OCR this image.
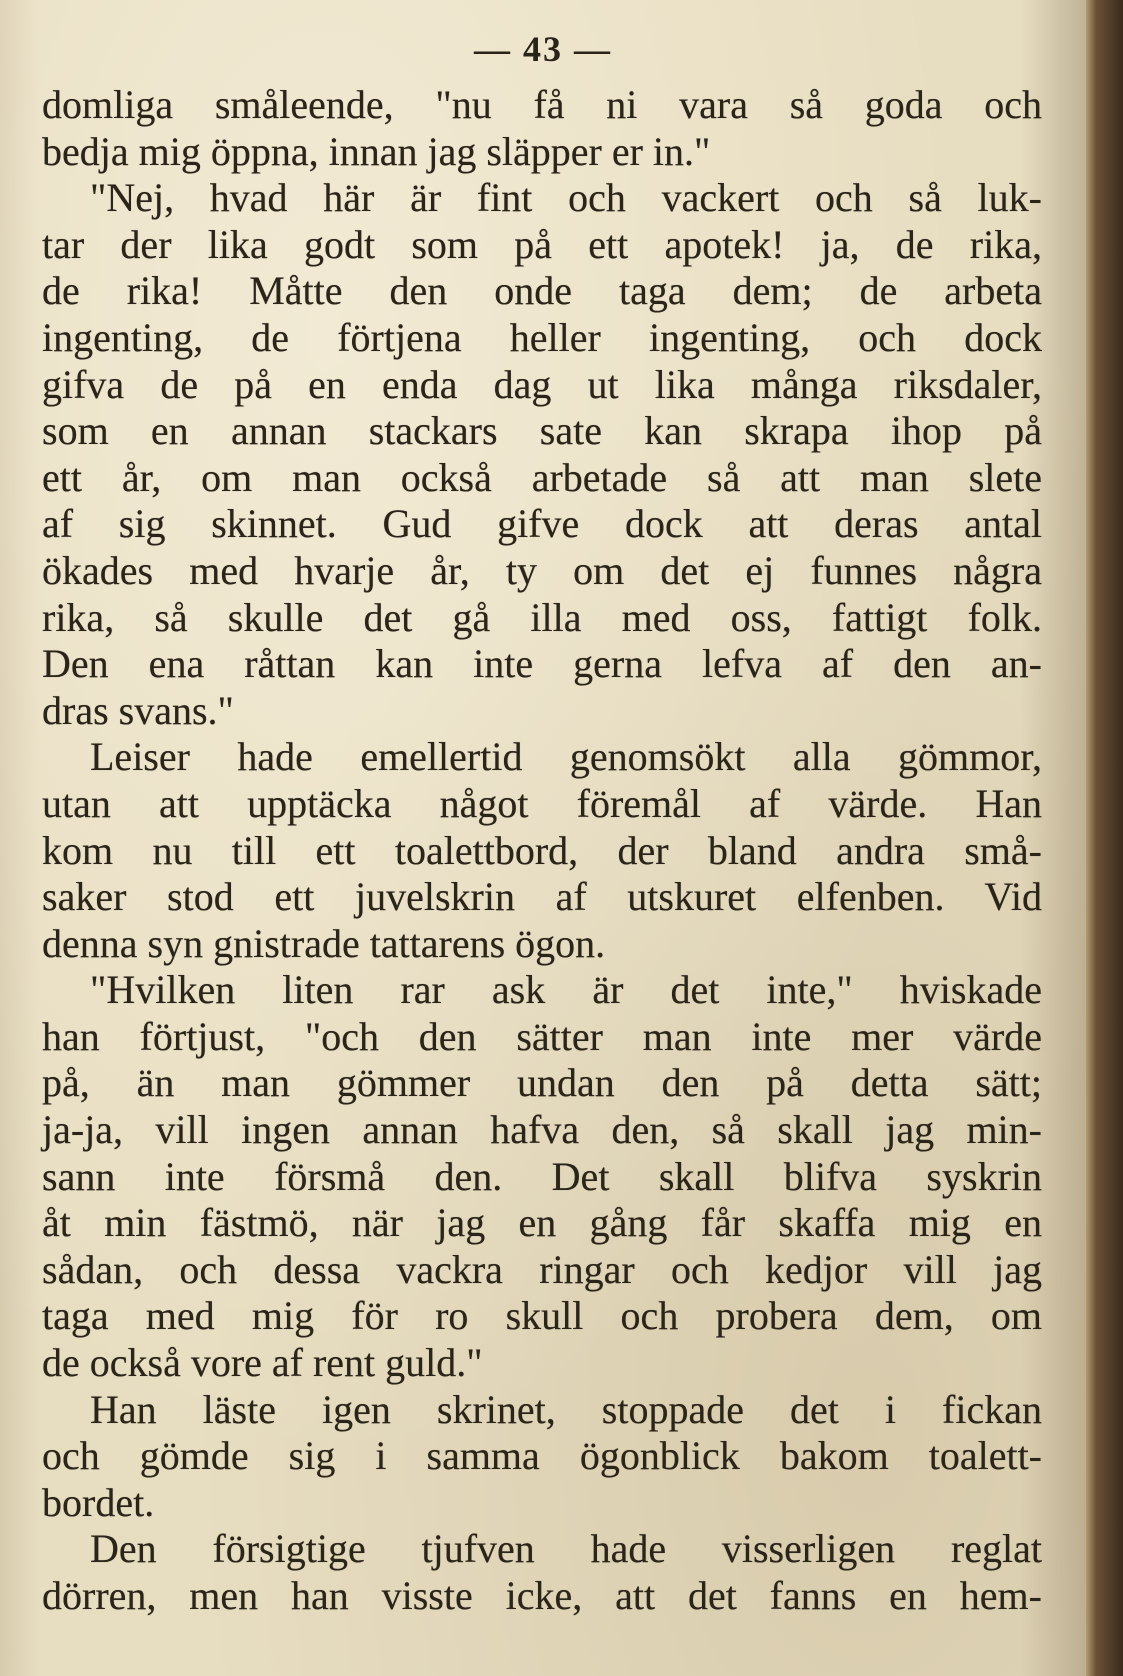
— 43 —
domliga småleende, "nu få ni vara så goda och
bedja mig öppna, innan jag släpper er in."
"Nej, hvad här är fint och vackert och så luk-
tar der lika godt som på ett apotek! ja, de rika,
de rika! Måtte den onde taga dem; de arbeta
ingenting, de förtjena heller ingenting, och dock
gifva de på en enda dag ut lika många riksdaler,
som en annan stackars sate kan skrapa ihop på
ett år, om man också arbetade så att man slete
af sig skinnet. Gud gifve dock att deras antal
ökades med hvarje år, ty om det ej funnes några
rika, så skulle det gå illa med oss, fattigt folk.
Den ena råttan kan inte gerna lefva af den an-
dras svans."
Leiser hade emellertid genomsökt alla gömmor,
utan att upptäcka något föremål af värde. Han
kom nu till ett toalettbord, der bland andra små-
saker stod ett juvelskrin af utskuret elfenben. Vid
denna syn gnistrade tattarens ögon.
"Hvilken liten rar ask är det inte," hviskade
han förtjust, "och den sätter man inte mer värde
på, än man gömmer undan den på detta sätt;
ja-ja, vill ingen annan hafva den, så skall jag min-
sann inte försmå den. Det skall blifva syskrin
åt min fästmö, när jag en gång får skaffa mig en
sådan, och dessa vackra ringar och kedjor vill jag
taga med mig för ro skull och probera dem, om
de också vore af rent guld."
Han läste igen skrinet, stoppade det i fickan
och gömde sig i samma ögonblick bakom toalett-
bordet.
Den försigtige tjufven hade visserligen reglat
dörren, men han visste icke, att det fanns en hem-
